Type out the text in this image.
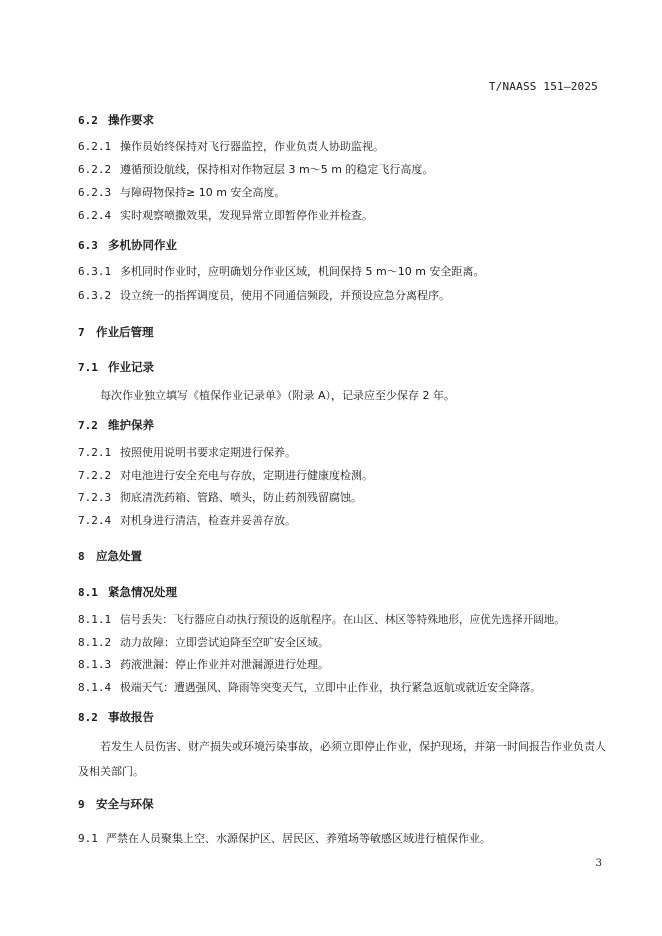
T/NAASS 151—2025
6.2 操作要求
6.2.1 操作员始终保持对飞行器监控，作业负责人协助监视。
6.2.2 遵循预设航线，保持相对作物冠层 3 m～5 m 的稳定飞行高度。
6.2.3 与障碍物保持≥ 10 m 安全高度。
6.2.4 实时观察喷撒效果，发现异常立即暂停作业并检查。
6.3 多机协同作业
6.3.1 多机同时作业时，应明确划分作业区域，机间保持 5 m～10 m 安全距离。
6.3.2 设立统一的指挥调度员，使用不同通信频段，并预设应急分离程序。
7 作业后管理
7.1 作业记录
每次作业独立填写《植保作业记录单》（附录 A），记录应至少保存 2 年。
7.2 维护保养
7.2.1 按照使用说明书要求定期进行保养。
7.2.2 对电池进行安全充电与存放，定期进行健康度检测。
7.2.3 彻底清洗药箱、管路、喷头，防止药剂残留腐蚀。
7.2.4 对机身进行清洁，检查并妥善存放。
8 应急处置
8.1 紧急情况处理
8.1.1 信号丢失：飞行器应自动执行预设的返航程序。在山区、林区等特殊地形，应优先选择开阔地。
8.1.2 动力故障：立即尝试迫降至空旷安全区域。
8.1.3 药液泄漏：停止作业并对泄漏源进行处理。
8.1.4 极端天气：遭遇强风、降雨等突变天气，立即中止作业，执行紧急返航或就近安全降落。
8.2 事故报告
若发生人员伤害、财产损失或环境污染事故，必须立即停止作业，保护现场，并第一时间报告作业负责人及相关部门。
9 安全与环保
9.1 严禁在人员聚集上空、水源保护区、居民区、养殖场等敏感区域进行植保作业。
3
